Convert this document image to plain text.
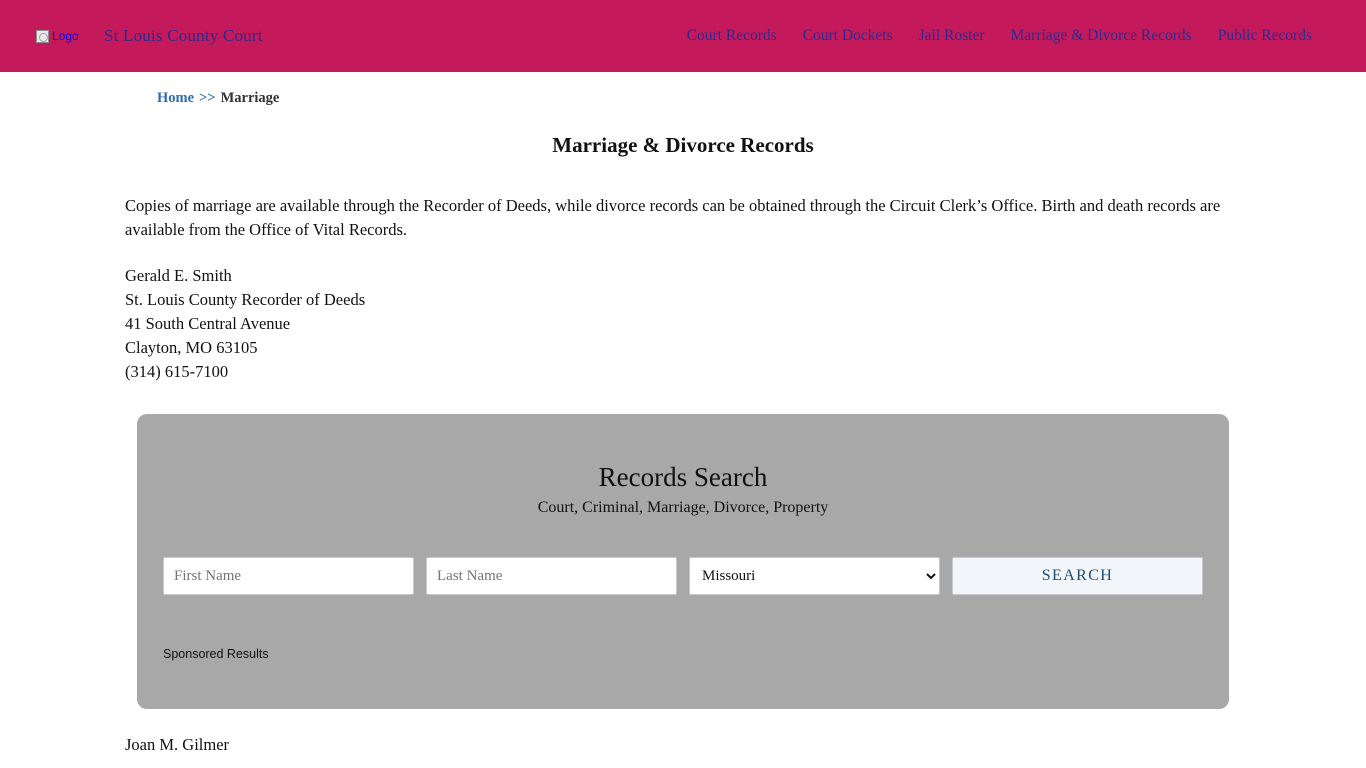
Logo St Louis County Court	Court Records Court Dockets Jail Roster Marriage & Divorce Records Public Records
Home >> Marriage
Marriage & Divorce Records

Copies of marriage are available through the Recorder of Deeds, while divorce records can be obtained through the Circuit Clerk’s Office. Birth and death records are available from the Office of Vital Records.

Gerald E. Smith
St. Louis County Recorder of Deeds
41 South Central Avenue
Clayton, MO 63105
(314) 615-7100
Records Search
Court, Criminal, Marriage, Divorce, Property
First Name
Last Name
Missouri
SEARCH
Sponsored Results
Joan M. Gilmer
